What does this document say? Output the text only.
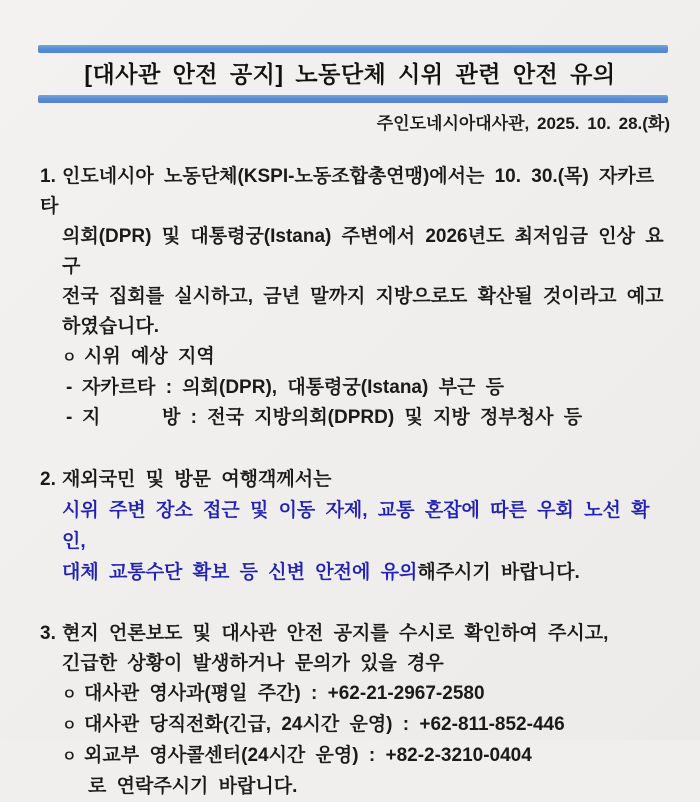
[대사관 안전 공지] 노동단체 시위 관련 안전 유의
주인도네시아대사관, 2025. 10. 28.(화)
1. 인도네시아 노동단체(KSPI-노동조합총연맹)에서는 10. 30.(목) 자카르타
의회(DPR) 및 대통령궁(Istana) 주변에서 2026년도 최저임금 인상 요구
전국 집회를 실시하고, 금년 말까지 지방으로도 확산될 것이라고 예고
하였습니다.
ㅇ 시위 예상 지역
- 자카르타 : 의회(DPR), 대통령궁(Istana) 부근 등
- 지      방 : 전국 지방의회(DPRD) 및 지방 정부청사 등
2. 재외국민 및 방문 여행객께서는
시위 주변 장소 접근 및 이동 자제, 교통 혼잡에 따른 우회 노선 확인,
대체 교통수단 확보 등 신변 안전에 유의해주시기 바랍니다.
3. 현지 언론보도 및 대사관 안전 공지를 수시로 확인하여 주시고,
긴급한 상황이 발생하거나 문의가 있을 경우
ㅇ 대사관 영사과(평일 주간) : +62-21-2967-2580
ㅇ 대사관 당직전화(긴급, 24시간 운영) : +62-811-852-446
ㅇ 외교부 영사콜센터(24시간 운영) : +82-2-3210-0404
로 연락주시기 바랍니다.
